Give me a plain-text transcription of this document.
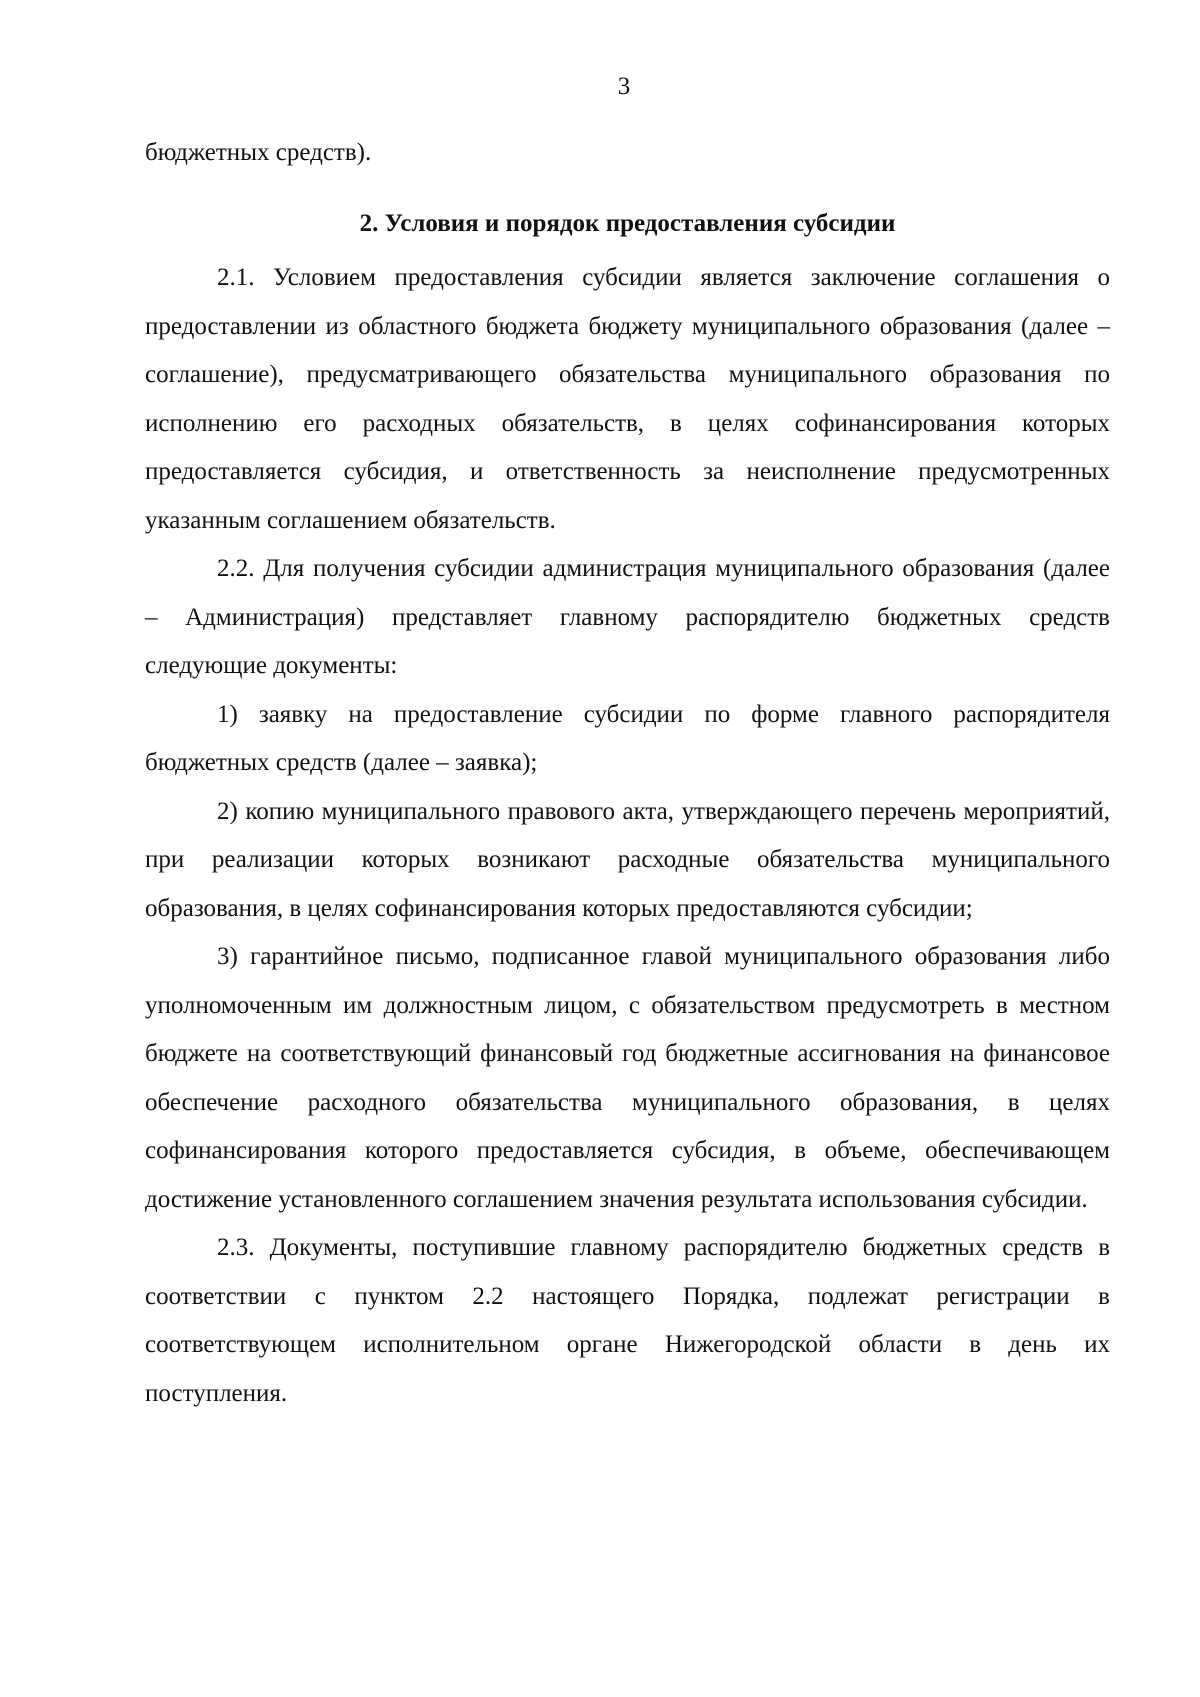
3

бюджетных средств).

2. Условия и порядок предоставления субсидии

2.1. Условием предоставления субсидии является заключение соглашения о предоставлении из областного бюджета бюджету муниципального образования (далее – соглашение), предусматривающего обязательства муниципального образования по исполнению его расходных обязательств, в целях софинансирования которых предоставляется субсидия, и ответственность за неисполнение предусмотренных указанным соглашением обязательств.

2.2. Для получения субсидии администрация муниципального образования (далее – Администрация) представляет главному распорядителю бюджетных средств следующие документы:

1) заявку на предоставление субсидии по форме главного распорядителя бюджетных средств (далее – заявка);

2) копию муниципального правового акта, утверждающего перечень мероприятий, при реализации которых возникают расходные обязательства муниципального образования, в целях софинансирования которых предоставляются субсидии;

3) гарантийное письмо, подписанное главой муниципального образования либо уполномоченным им должностным лицом, с обязательством предусмотреть в местном бюджете на соответствующий финансовый год бюджетные ассигнования на финансовое обеспечение расходного обязательства муниципального образования, в целях софинансирования которого предоставляется субсидия, в объеме, обеспечивающем достижение установленного соглашением значения результата использования субсидии.

2.3. Документы, поступившие главному распорядителю бюджетных средств в соответствии с пунктом 2.2 настоящего Порядка, подлежат регистрации в соответствующем исполнительном органе Нижегородской области в день их поступления.
